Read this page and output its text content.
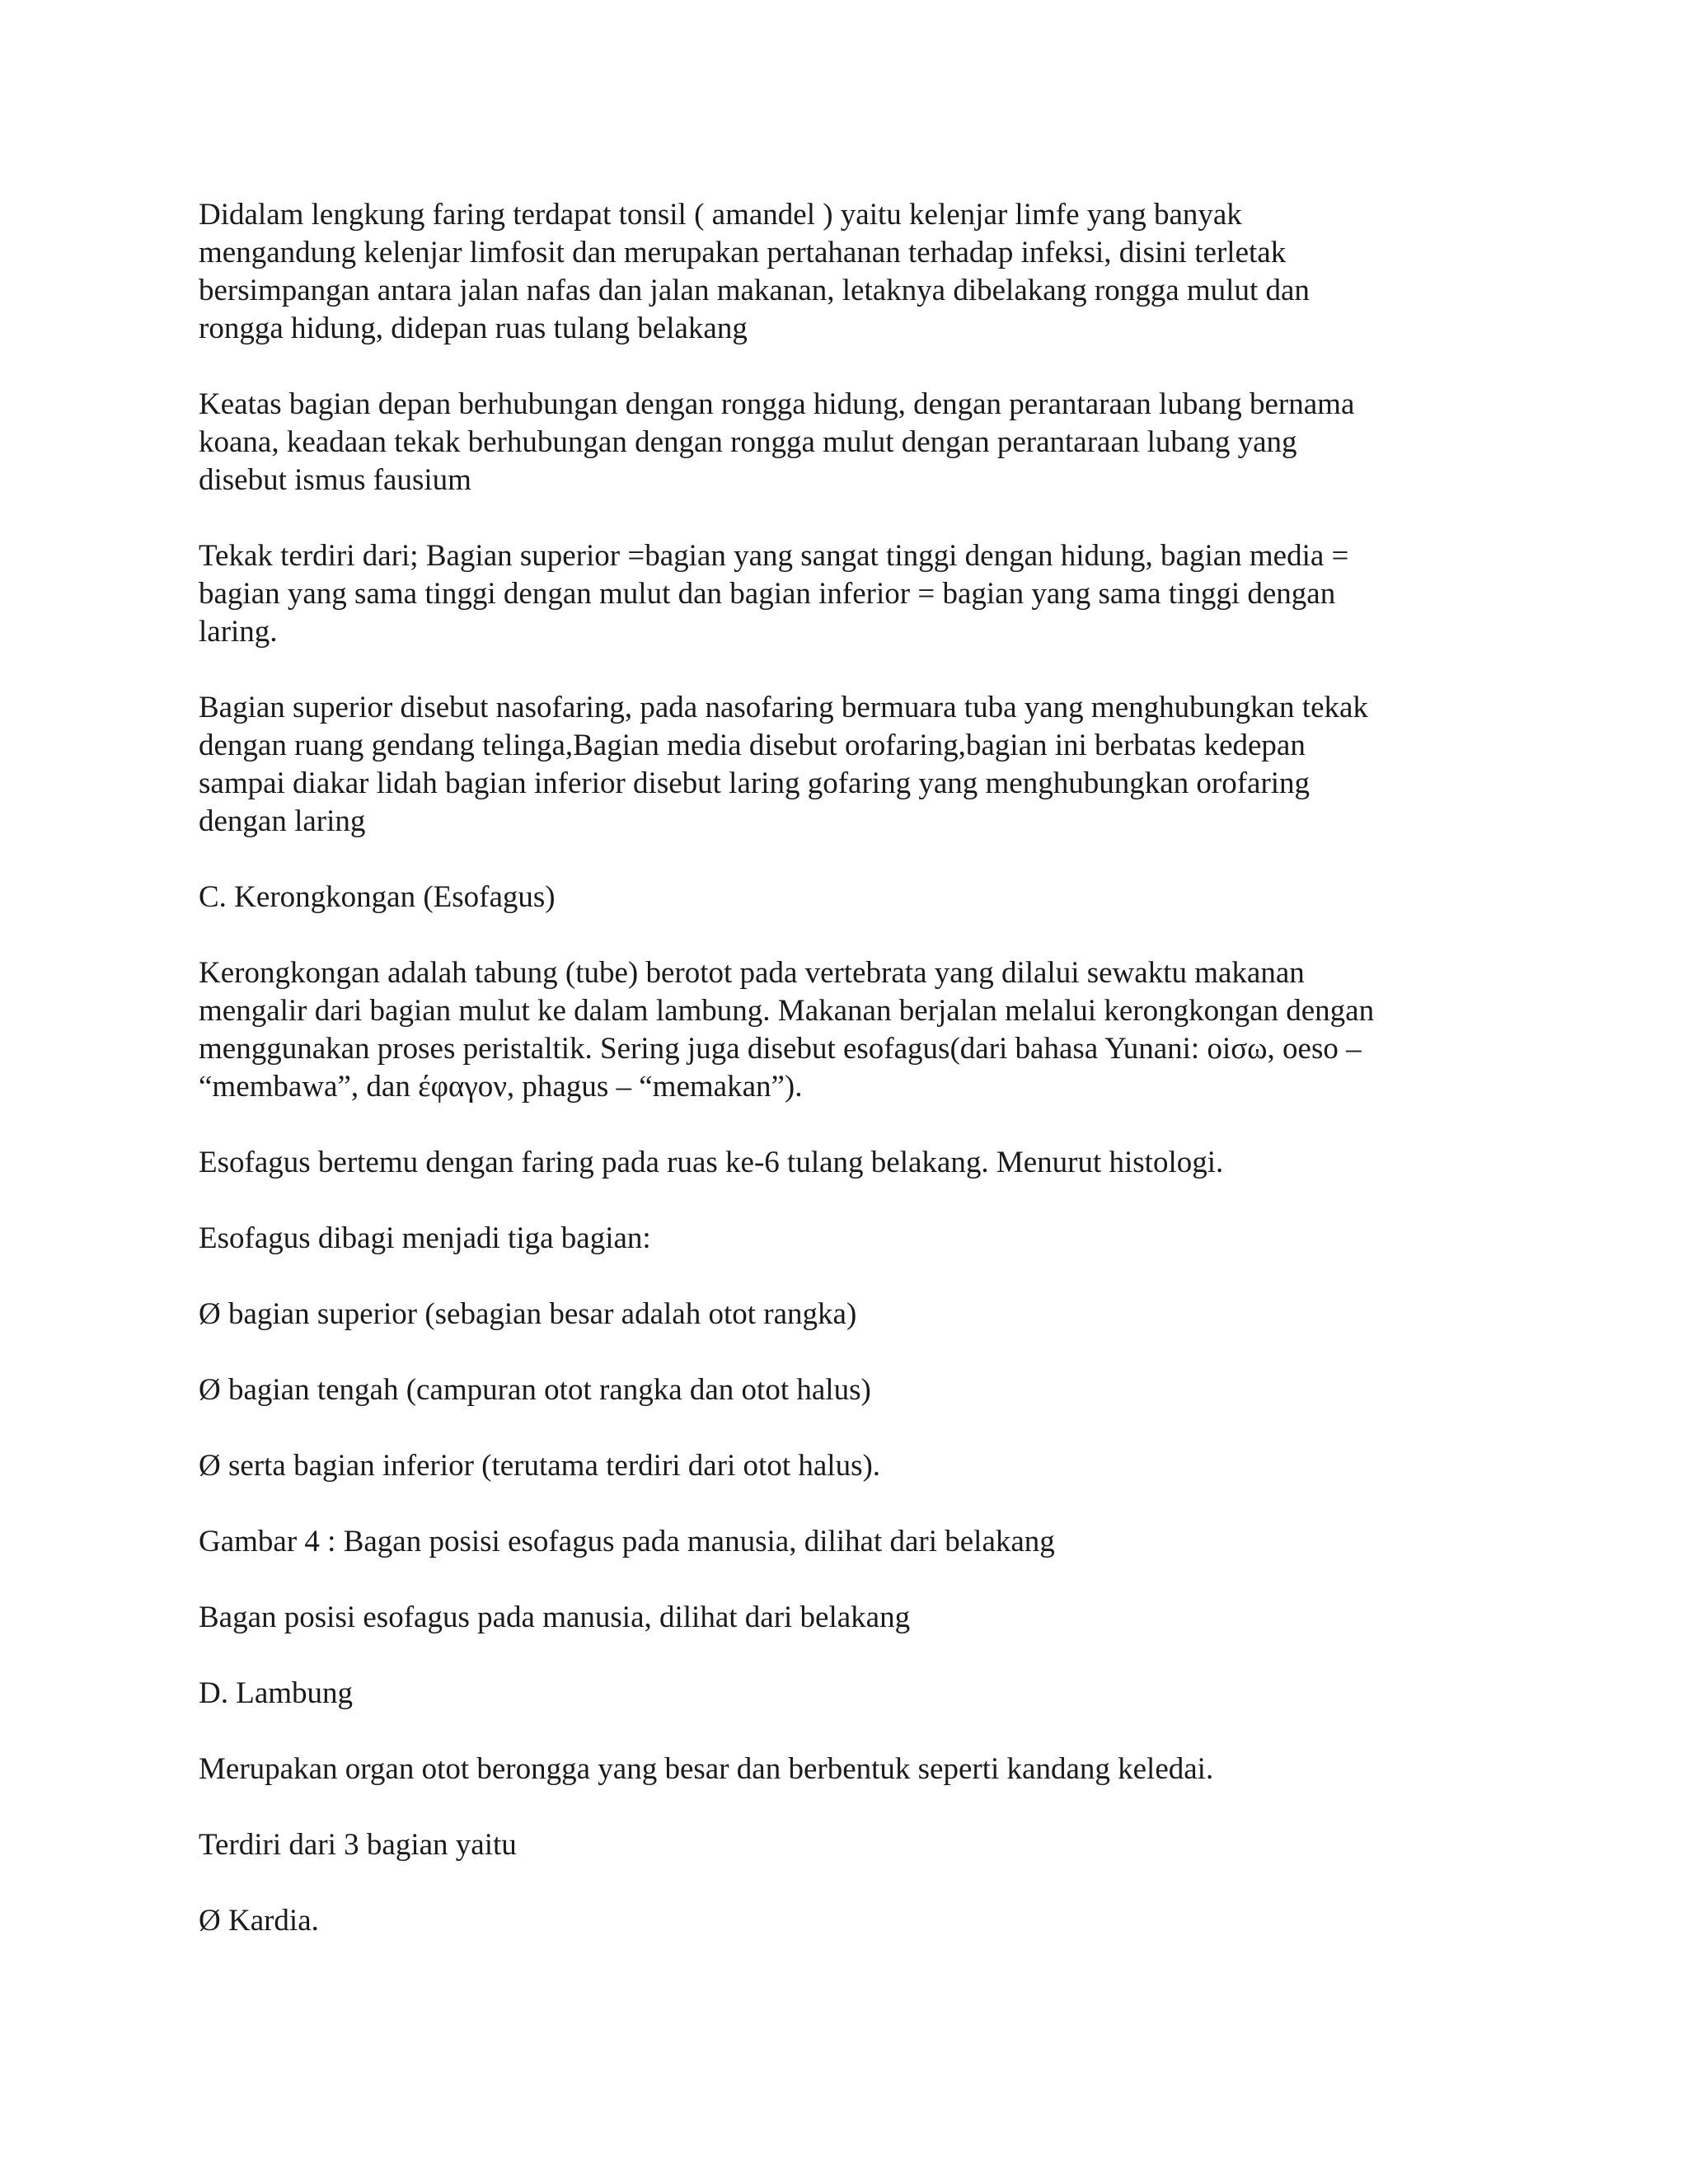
Didalam lengkung faring terdapat tonsil ( amandel ) yaitu kelenjar limfe yang banyak
mengandung kelenjar limfosit dan merupakan pertahanan terhadap infeksi, disini terletak
bersimpangan antara jalan nafas dan jalan makanan, letaknya dibelakang rongga mulut dan
rongga hidung, didepan ruas tulang belakang

Keatas bagian depan berhubungan dengan rongga hidung, dengan perantaraan lubang bernama
koana, keadaan tekak berhubungan dengan rongga mulut dengan perantaraan lubang yang
disebut ismus fausium

Tekak terdiri dari; Bagian superior =bagian yang sangat tinggi dengan hidung, bagian media =
bagian yang sama tinggi dengan mulut dan bagian inferior = bagian yang sama tinggi dengan
laring.

Bagian superior disebut nasofaring, pada nasofaring bermuara tuba yang menghubungkan tekak
dengan ruang gendang telinga,Bagian media disebut orofaring,bagian ini berbatas kedepan
sampai diakar lidah bagian inferior disebut laring gofaring yang menghubungkan orofaring
dengan laring

C. Kerongkongan (Esofagus)

Kerongkongan adalah tabung (tube) berotot pada vertebrata yang dilalui sewaktu makanan
mengalir dari bagian mulut ke dalam lambung. Makanan berjalan melalui kerongkongan dengan
menggunakan proses peristaltik. Sering juga disebut esofagus(dari bahasa Yunani: οiσω, oeso –
“membawa”, dan έφαγον, phagus – “memakan”).

Esofagus bertemu dengan faring pada ruas ke-6 tulang belakang. Menurut histologi.

Esofagus dibagi menjadi tiga bagian:

Ø bagian superior (sebagian besar adalah otot rangka)

Ø bagian tengah (campuran otot rangka dan otot halus)

Ø serta bagian inferior (terutama terdiri dari otot halus).

Gambar 4 : Bagan posisi esofagus pada manusia, dilihat dari belakang

Bagan posisi esofagus pada manusia, dilihat dari belakang

D. Lambung

Merupakan organ otot berongga yang besar dan berbentuk seperti kandang keledai.

Terdiri dari 3 bagian yaitu

Ø Kardia.
